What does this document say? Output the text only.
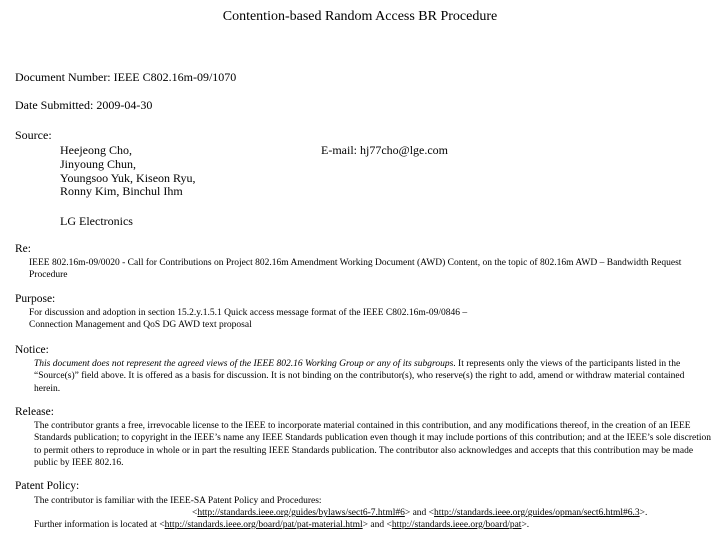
Contention-based Random Access BR Procedure
Document Number: IEEE C802.16m-09/1070
Date Submitted: 2009-04-30
Source:
Heejeong Cho,
Jinyoung Chun,
Youngsoo Yuk, Kiseon Ryu,
Ronny Kim, Binchul Ihm
E-mail: hj77cho@lge.com
LG Electronics
Re:
IEEE 802.16m-09/0020 - Call for Contributions on Project 802.16m Amendment Working Document (AWD) Content, on the topic of 802.16m AWD – Bandwidth Request Procedure
Purpose:
For discussion and adoption in section 15.2.y.1.5.1 Quick access message format of the IEEE C802.16m-09/0846 – Connection Management and QoS DG AWD text proposal
Notice:
This document does not represent the agreed views of the IEEE 802.16 Working Group or any of its subgroups. It represents only the views of the participants listed in the “Source(s)” field above. It is offered as a basis for discussion. It is not binding on the contributor(s), who reserve(s) the right to add, amend or withdraw material contained herein.
Release:
The contributor grants a free, irrevocable license to the IEEE to incorporate material contained in this contribution, and any modifications thereof, in the creation of an IEEE Standards publication; to copyright in the IEEE’s name any IEEE Standards publication even though it may include portions of this contribution; and at the IEEE’s sole discretion to permit others to reproduce in whole or in part the resulting IEEE Standards publication. The contributor also acknowledges and accepts that this contribution may be made public by IEEE 802.16.
Patent Policy:
The contributor is familiar with the IEEE-SA Patent Policy and Procedures:
<http://standards.ieee.org/guides/bylaws/sect6-7.html#6> and <http://standards.ieee.org/guides/opman/sect6.html#6.3>.
Further information is located at <http://standards.ieee.org/board/pat/pat-material.html> and <http://standards.ieee.org/board/pat>.
